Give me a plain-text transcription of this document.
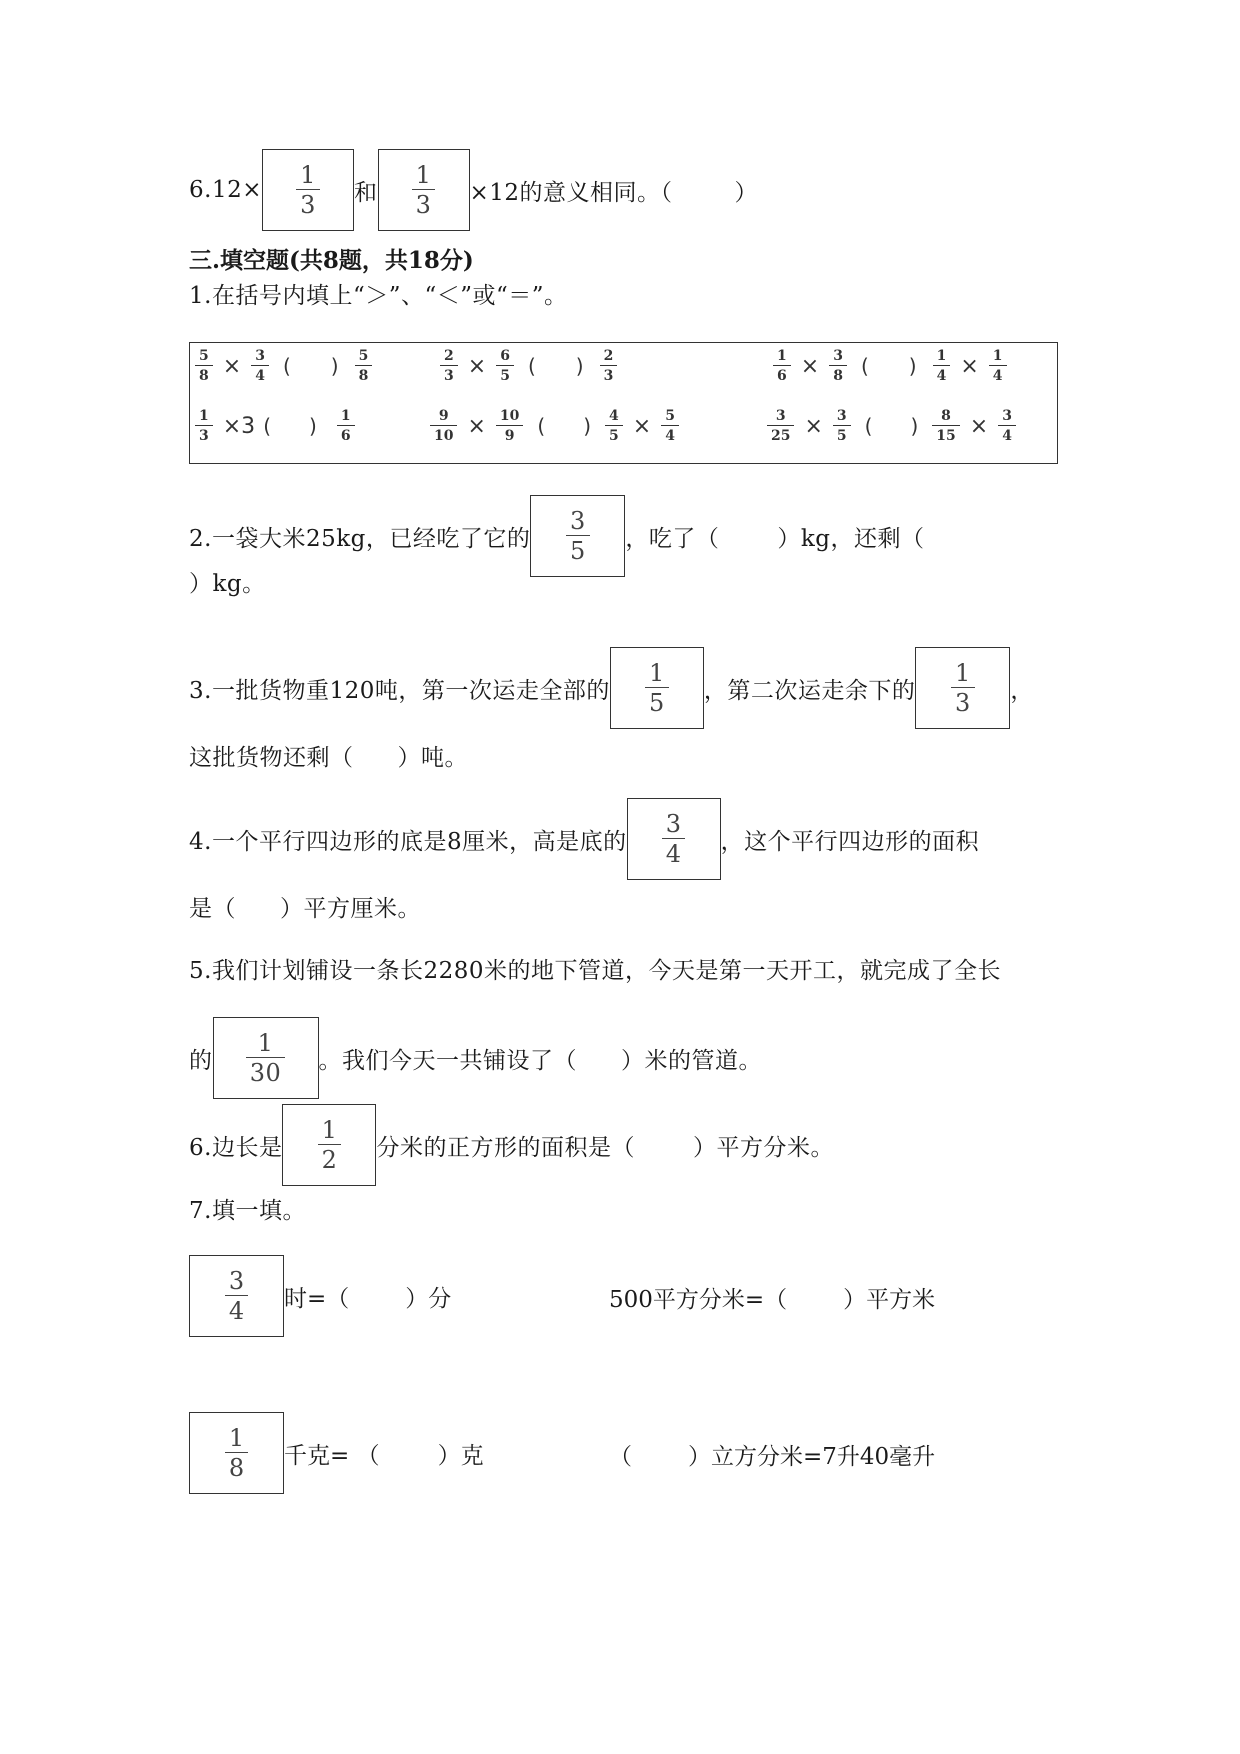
6. $12\times \frac{1}{3}$ 和 $\frac{1}{3} \times 12$的意义相同。（	）
三.填空题(共8题，共18分)
1.在括号内填上“＞”、“＜”或“＝”。
$\frac{5}{8} \times \frac{3}{4}$ ( ) $\frac{5}{8}$	$\frac{2}{3} \times \frac{6}{5}$ ( ) $\frac{2}{3}$	$\frac{1}{6} \times \frac{3}{8}$ ( ) $\frac{1}{4} \times \frac{1}{4}$
$\frac{1}{3} \times 3$ ( ) $\frac{1}{6}$	$\frac{9}{10} \times \frac{10}{9}$ ( ) $\frac{4}{5} \times \frac{5}{4}$	$\frac{3}{25} \times \frac{3}{5}$ ( ) $\frac{8}{15} \times \frac{3}{4}$
2.一袋大米25kg，已经吃了它的 $\frac{3}{5}$ ，吃了（	）kg，还剩（
）kg。
3.一批货物重120吨，第一次运走全部的 $\frac{1}{5}$ ，第二次运走余下的 $\frac{1}{3}$ ，
这批货物还剩（ ）吨。
4.一个平行四边形的底是8厘米，高是底的 $\frac{3}{4}$ ，这个平行四边形的面积
是（ ）平方厘米。
5.我们计划铺设一条长2280米的地下管道，今天是第一天开工，就完成了全长
的 $\frac{1}{30}$ 。我们今天一共铺设了（ ）米的管道。
6.边长是 $\frac{1}{2}$ 分米的正方形的面积是（	）平方分米。
7.填一填。
$\frac{3}{4}$ 时=（ ）分	500平方分米=（ ）平方米
$\frac{1}{8}$ 千克= （	）克	（ ）立方分米=7升40毫升
